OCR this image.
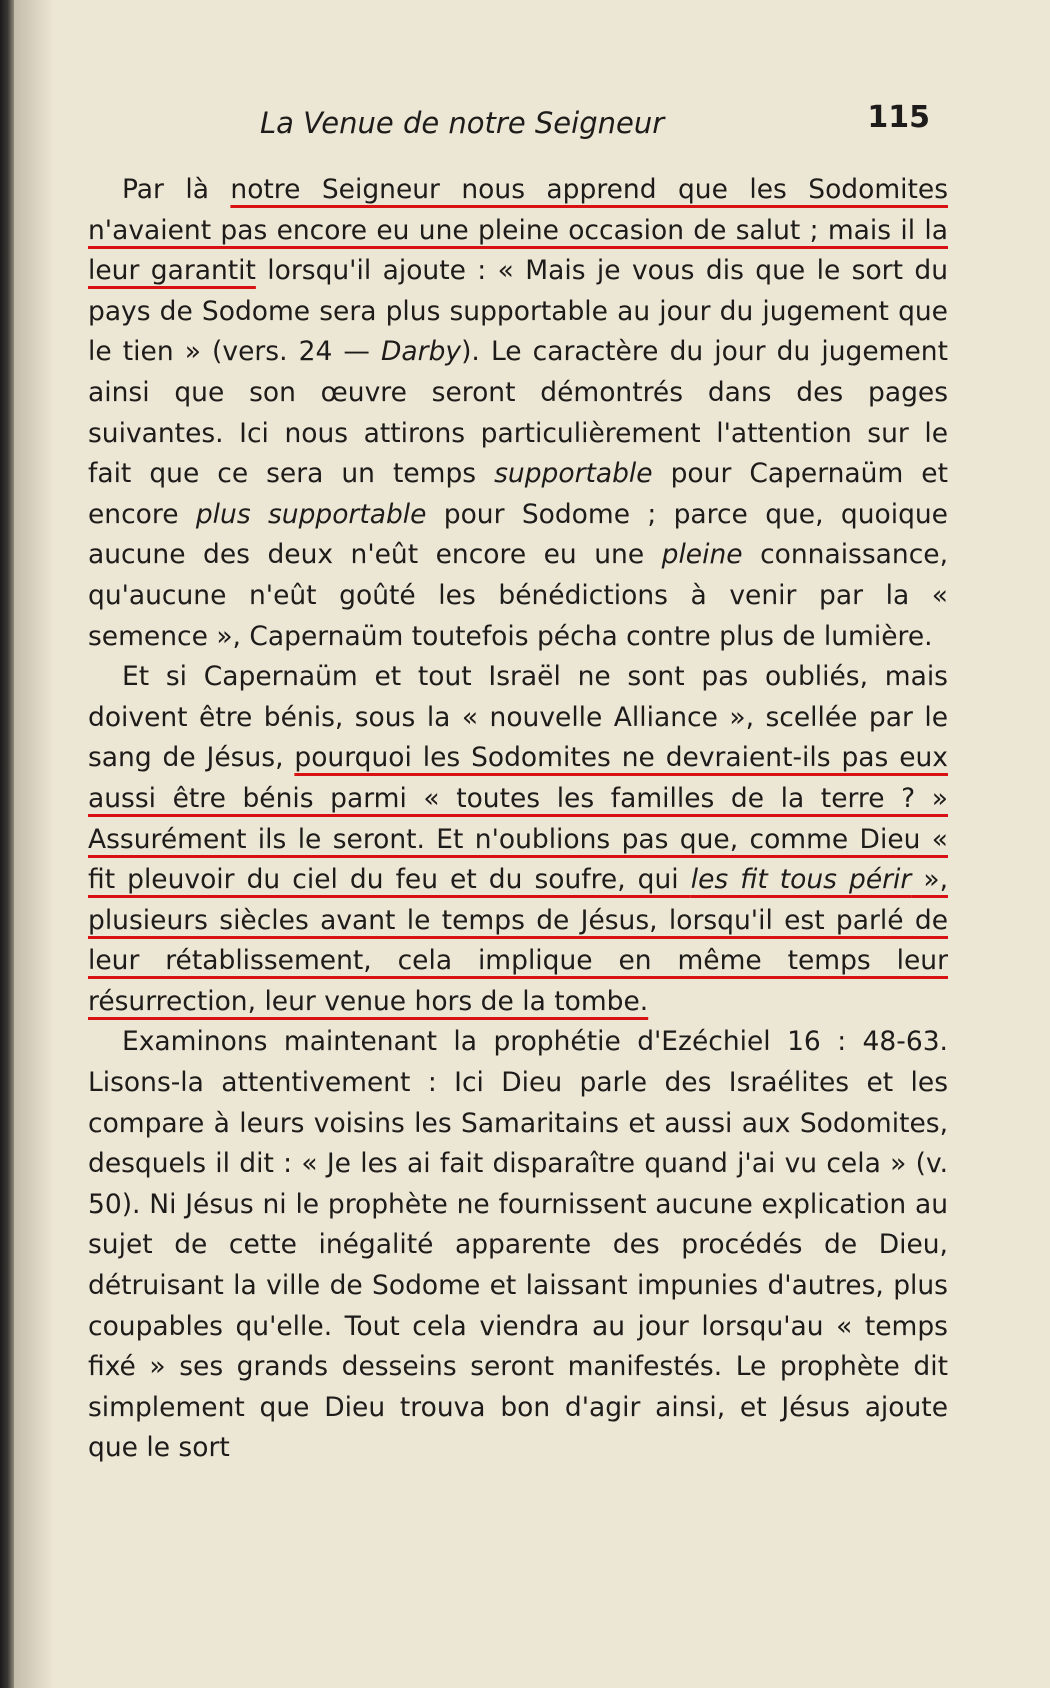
La Venue de notre Seigneur	115

Par là notre Seigneur nous apprend que les Sodomites n'avaient pas encore eu une pleine occasion de salut ; mais il la leur garantit lorsqu'il ajoute : « Mais je vous dis que le sort du pays de Sodome sera plus supportable au jour du jugement que le tien » (vers. 24 — Darby). Le caractère du jour du jugement ainsi que son œuvre seront démontrés dans des pages suivantes. Ici nous attirons particulièrement l'attention sur le fait que ce sera un temps supportable pour Capernaüm et encore plus supportable pour Sodome ; parce que, quoique aucune des deux n'eût encore eu une pleine connaissance, qu'aucune n'eût goûté les bénédictions à venir par la « semence », Capernaüm toutefois pécha contre plus de lumière.

Et si Capernaüm et tout Israël ne sont pas oubliés, mais doivent être bénis, sous la « nouvelle Alliance », scellée par le sang de Jésus, pourquoi les Sodomites ne devraient-ils pas eux aussi être bénis parmi « toutes les familles de la terre ? » Assurément ils le seront. Et n'oublions pas que, comme Dieu « fit pleuvoir du ciel du feu et du soufre, qui les fit tous périr », plusieurs siècles avant le temps de Jésus, lorsqu'il est parlé de leur rétablissement, cela implique en même temps leur résurrection, leur venue hors de la tombe.

Examinons maintenant la prophétie d'Ezéchiel 16 : 48-63. Lisons-la attentivement : Ici Dieu parle des Israélites et les compare à leurs voisins les Samaritains et aussi aux Sodomites, desquels il dit : « Je les ai fait disparaître quand j'ai vu cela » (v. 50). Ni Jésus ni le prophète ne fournissent aucune explication au sujet de cette inégalité apparente des procédés de Dieu, détruisant la ville de Sodome et laissant impunies d'autres, plus coupables qu'elle. Tout cela viendra au jour lorsqu'au « temps fixé » ses grands desseins seront manifestés. Le prophète dit simplement que Dieu trouva bon d'agir ainsi, et Jésus ajoute que le sort
